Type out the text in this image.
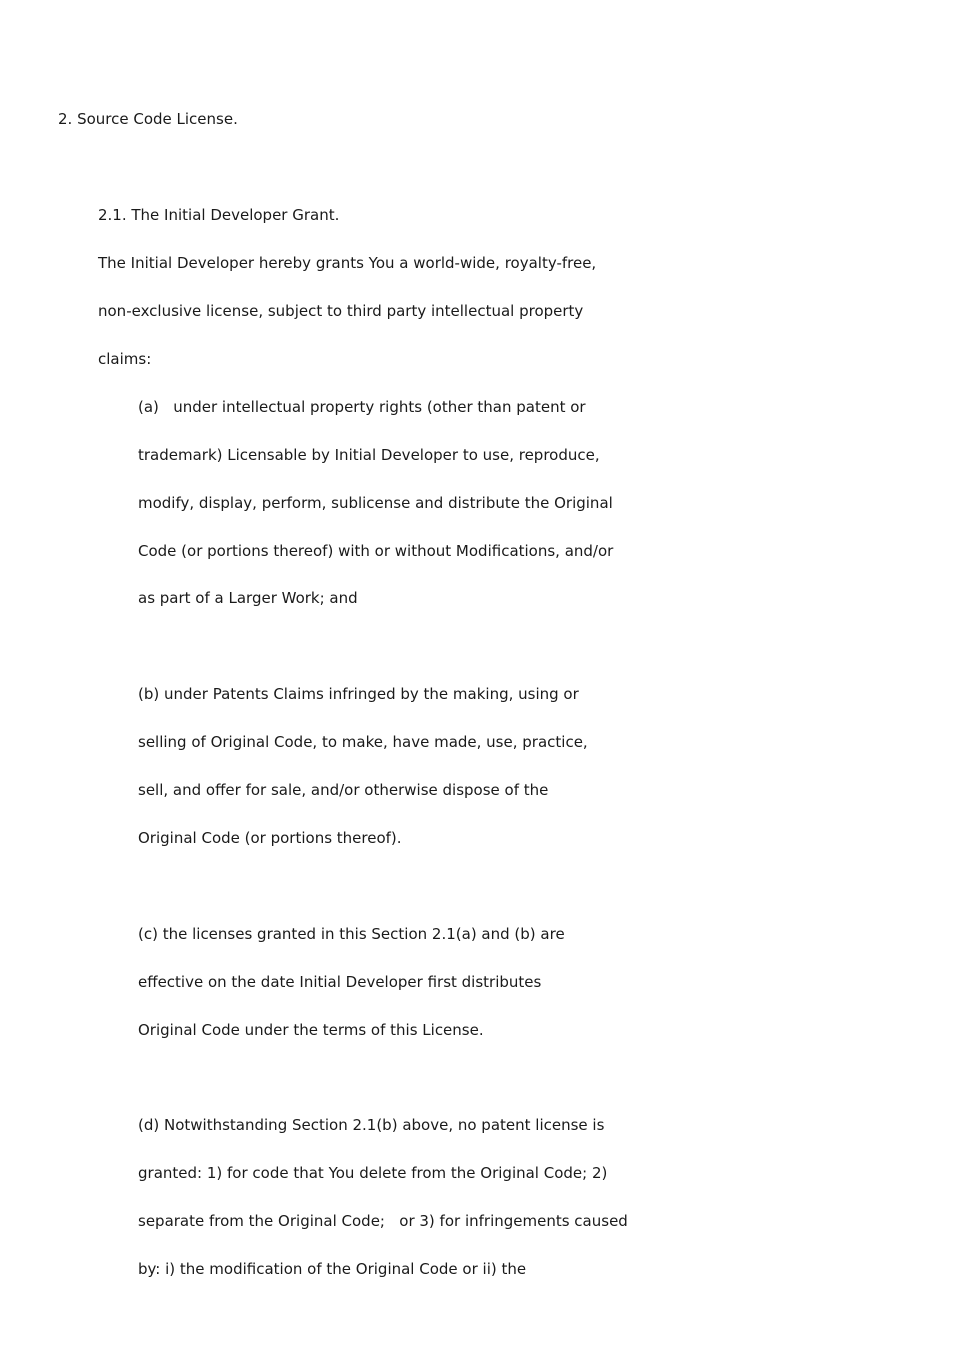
2. Source Code License.

2.1. The Initial Developer Grant.

The Initial Developer hereby grants You a world-wide, royalty-free,

non-exclusive license, subject to third party intellectual property

claims:

(a)   under intellectual property rights (other than patent or

trademark) Licensable by Initial Developer to use, reproduce,

modify, display, perform, sublicense and distribute the Original

Code (or portions thereof) with or without Modifications, and/or

as part of a Larger Work; and

(b) under Patents Claims infringed by the making, using or

selling of Original Code, to make, have made, use, practice,

sell, and offer for sale, and/or otherwise dispose of the

Original Code (or portions thereof).

(c) the licenses granted in this Section 2.1(a) and (b) are

effective on the date Initial Developer first distributes

Original Code under the terms of this License.

(d) Notwithstanding Section 2.1(b) above, no patent license is

granted: 1) for code that You delete from the Original Code; 2)

separate from the Original Code;   or 3) for infringements caused

by: i) the modification of the Original Code or ii) the
